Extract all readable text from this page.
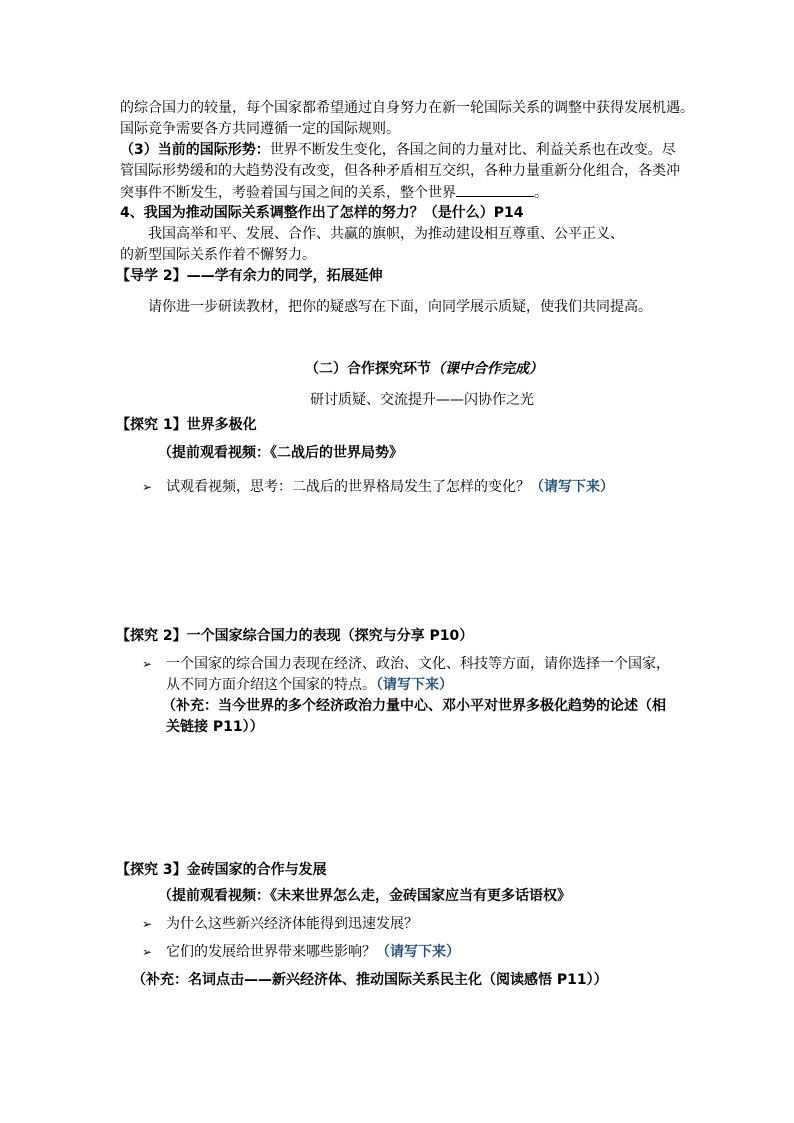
的综合国力的较量，每个国家都希望通过自身努力在新一轮国际关系的调整中获得发展机遇。
国际竞争需要各方共同遵循一定的国际规则。
（3）当前的国际形势：世界不断发生变化，各国之间的力量对比、利益关系也在改变。尽
管国际形势缓和的大趋势没有改变，但各种矛盾相互交织，各种力量重新分化组合，各类冲
突事件不断发生，考验着国与国之间的关系，整个世界	。
4、我国为推动国际关系调整作出了怎样的努力？（是什么）P14
我国高举和平、发展、合作、共赢的旗帜，为推动建设相互尊重、公平正义、
的新型国际关系作着不懈努力。
【导学 2】——学有余力的同学，拓展延伸
请你进一步研读教材，把你的疑惑写在下面，向同学展示质疑，使我们共同提高。
（二）合作探究环节（课中合作完成）
研讨质疑、交流提升——闪协作之光
【探究 1】世界多极化
（提前观看视频：《二战后的世界局势》
➢ 试观看视频，思考：二战后的世界格局发生了怎样的变化？（请写下来）
【探究 2】一个国家综合国力的表现（探究与分享 P10）
➢ 一个国家的综合国力表现在经济、政治、文化、科技等方面，请你选择一个国家，
从不同方面介绍这个国家的特点。（请写下来）
（补充：当今世界的多个经济政治力量中心、邓小平对世界多极化趋势的论述（相
关链接 P11））
【探究 3】金砖国家的合作与发展
（提前观看视频：《未来世界怎么走，金砖国家应当有更多话语权》
➢ 为什么这些新兴经济体能得到迅速发展？
➢ 它们的发展给世界带来哪些影响？（请写下来）
（补充：名词点击——新兴经济体、推动国际关系民主化（阅读感悟 P11））
